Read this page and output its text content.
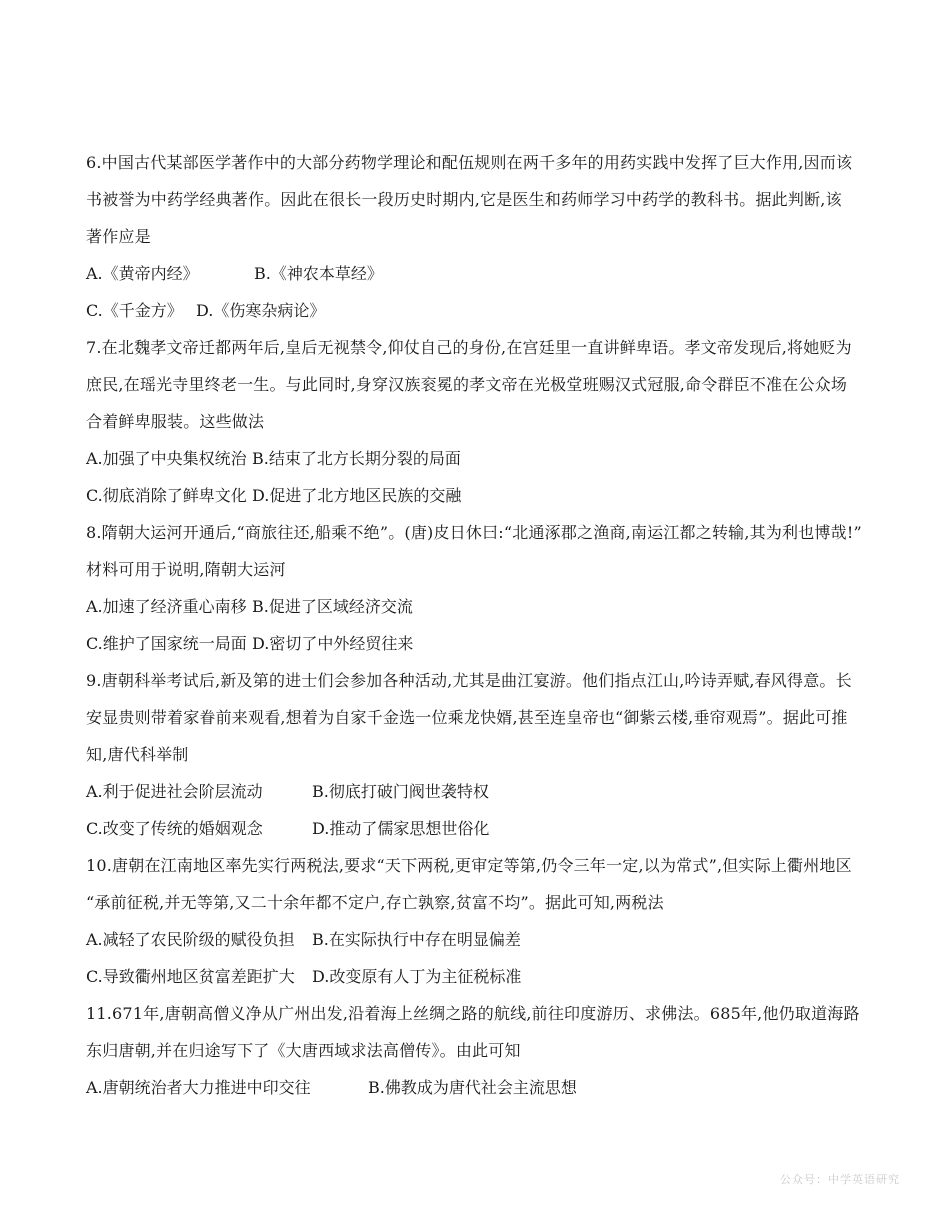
6.中国古代某部医学著作中的大部分药物学理论和配伍规则在两千多年的用药实践中发挥了巨大作用,因而该
书被誉为中药学经典著作。因此在很长一段历史时期内,它是医生和药师学习中药学的教科书。据此判断,该
著作应是
A.《黄帝内经》	B.《神农本草经》
C.《千金方》 D.《伤寒杂病论》
7.在北魏孝文帝迁都两年后,皇后无视禁令,仰仗自己的身份,在宫廷里一直讲鲜卑语。孝文帝发现后,将她贬为
庶民,在瑶光寺里终老一生。与此同时,身穿汉族衮冕的孝文帝在光极堂班赐汉式冠服,命令群臣不准在公众场
合着鲜卑服装。这些做法
A.加强了中央集权统治 B.结束了北方长期分裂的局面
C.彻底消除了鲜卑文化 D.促进了北方地区民族的交融
8.隋朝大运河开通后,“商旅往还,船乘不绝”。(唐)皮日休曰:“北通涿郡之渔商,南运江都之转输,其为利也博哉!”
材料可用于说明,隋朝大运河
A.加速了经济重心南移 B.促进了区域经济交流
C.维护了国家统一局面 D.密切了中外经贸往来
9.唐朝科举考试后,新及第的进士们会参加各种活动,尤其是曲江宴游。他们指点江山,吟诗弄赋,春风得意。长
安显贵则带着家眷前来观看,想着为自家千金选一位乘龙快婿,甚至连皇帝也“御紫云楼,垂帘观焉”。据此可推
知,唐代科举制
A.利于促进社会阶层流动	B.彻底打破门阀世袭特权
C.改变了传统的婚姻观念	D.推动了儒家思想世俗化
10.唐朝在江南地区率先实行两税法,要求“天下两税,更审定等第,仍令三年一定,以为常式”,但实际上衢州地区
“承前征税,并无等第,又二十余年都不定户,存亡孰察,贫富不均”。据此可知,两税法
A.减轻了农民阶级的赋役负担 B.在实际执行中存在明显偏差
C.导致衢州地区贫富差距扩大 D.改变原有人丁为主征税标准
11.671年,唐朝高僧义净从广州出发,沿着海上丝绸之路的航线,前往印度游历、求佛法。685年,他仍取道海路
东归唐朝,并在归途写下了《大唐西域求法高僧传》。由此可知
A.唐朝统治者大力推进中印交往	B.佛教成为唐代社会主流思想
公众号：中学英语研究
